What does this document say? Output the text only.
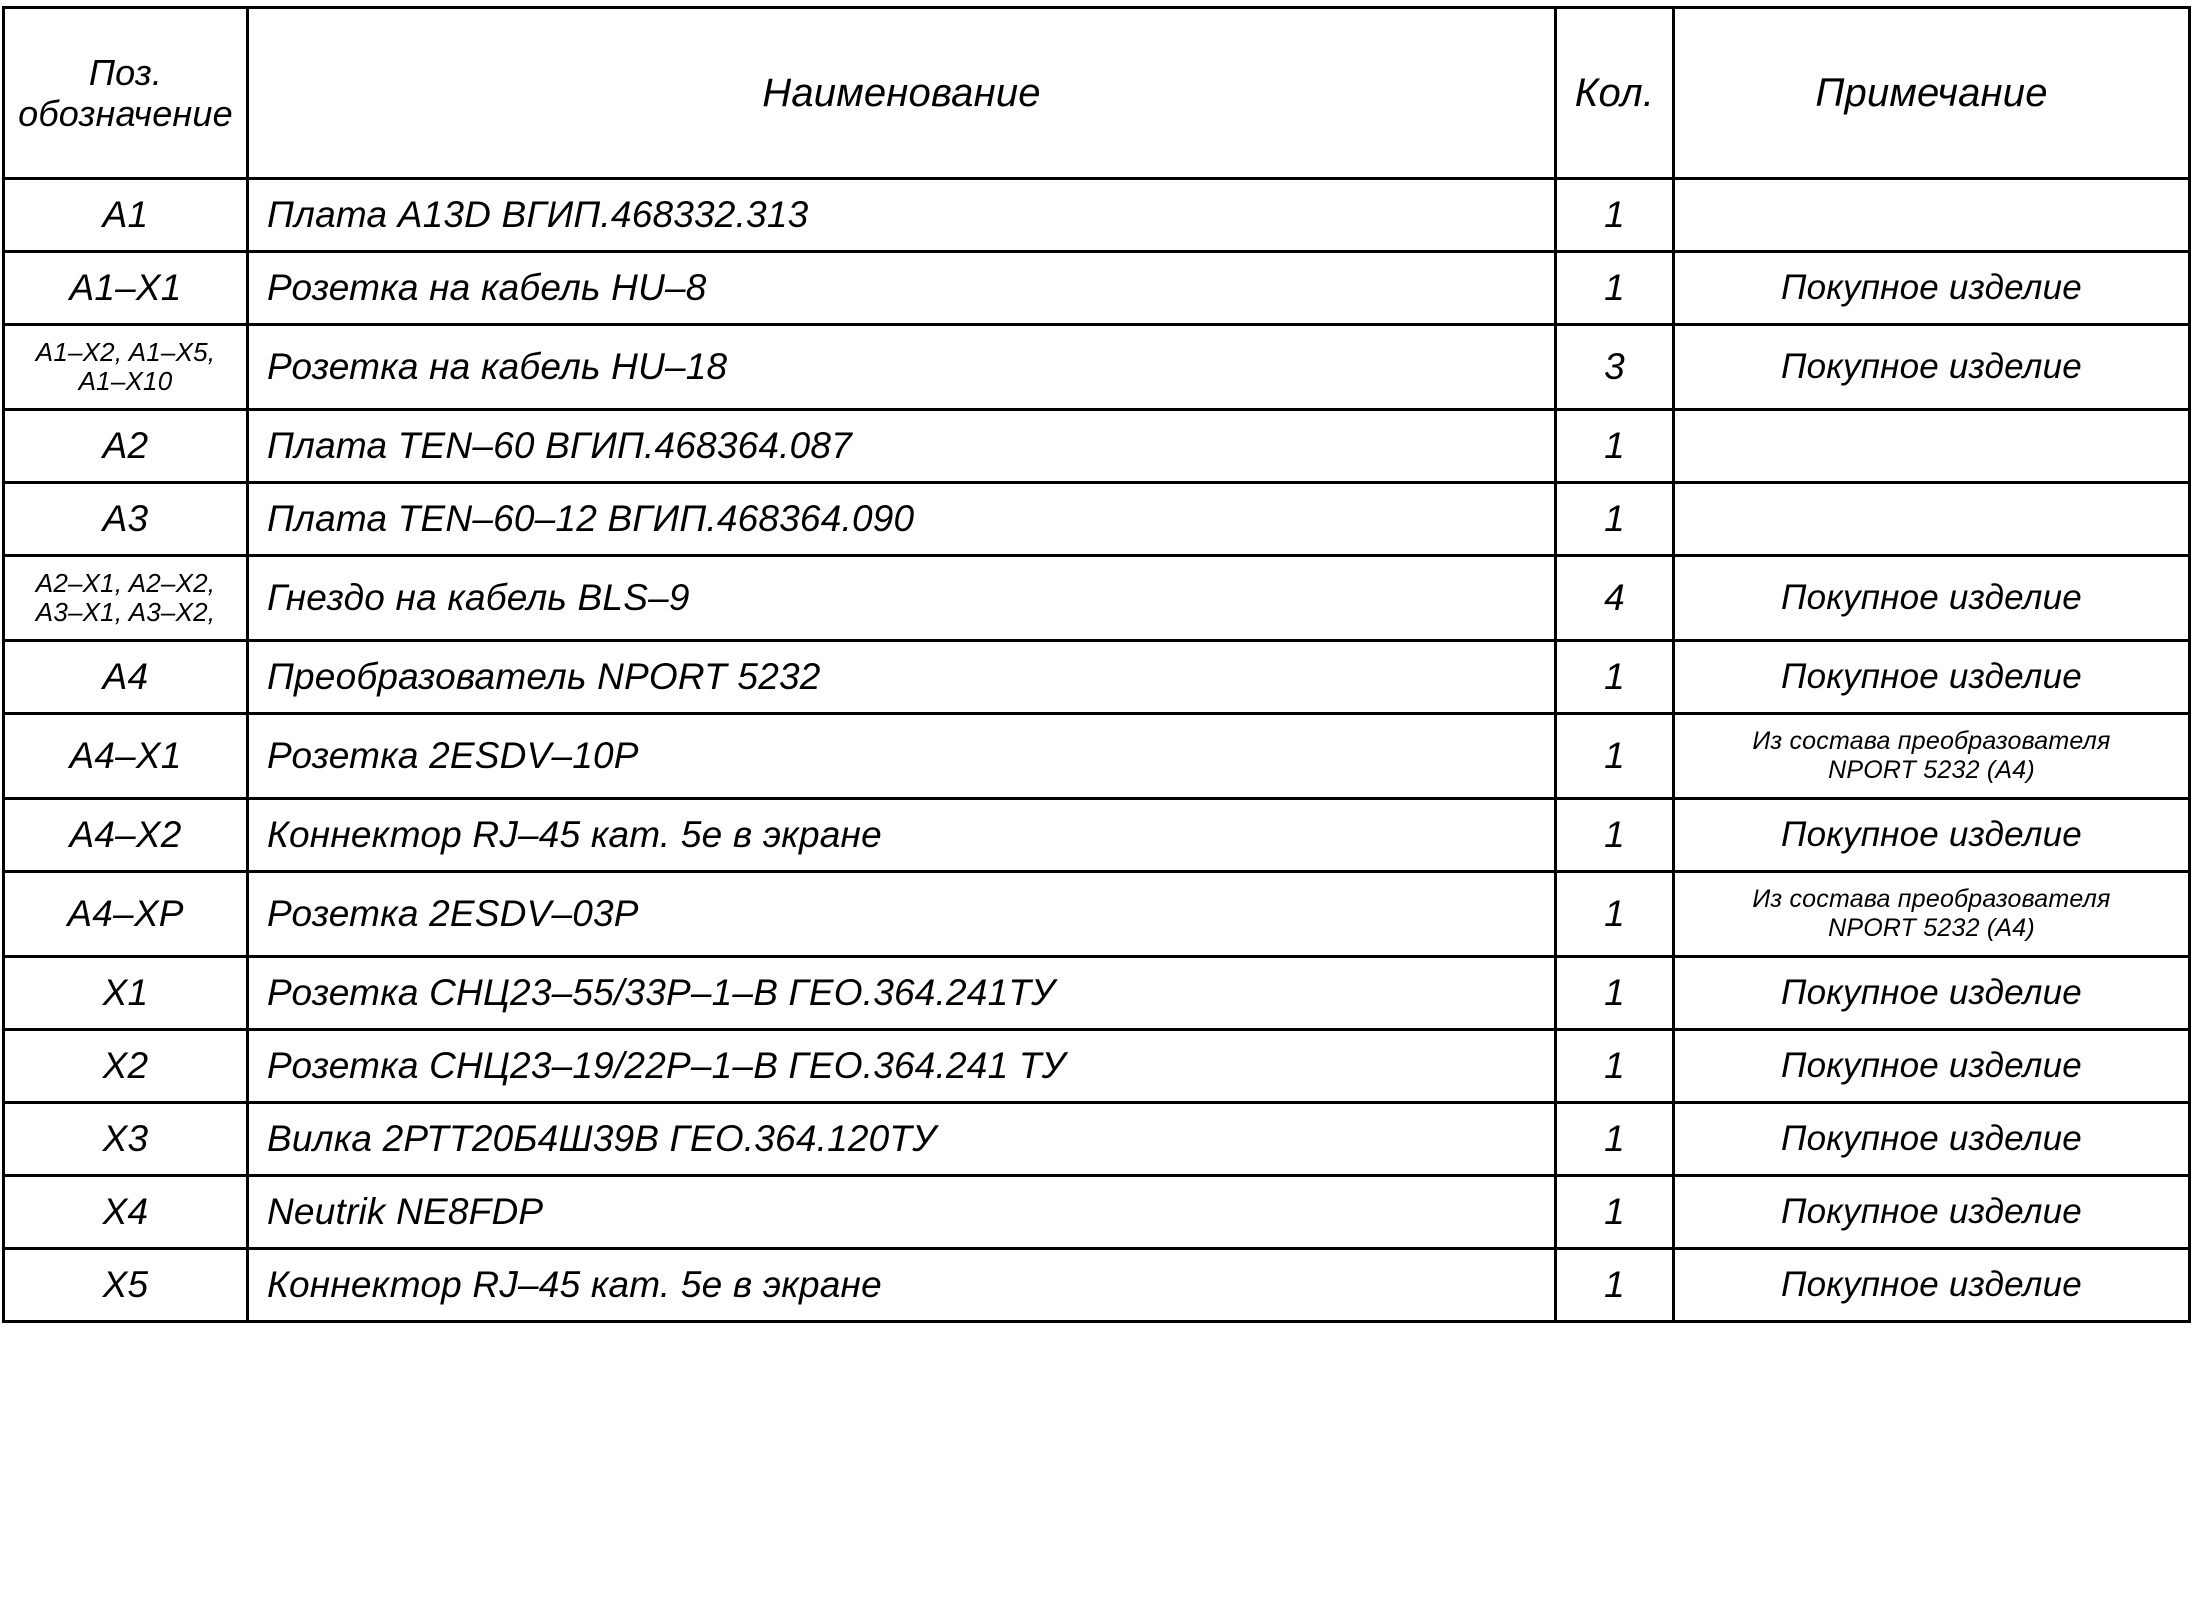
Поз.
обозначение	Наименование	Кол.	Примечание
A1	Плата A13D ВГИП.468332.313	1	
A1–X1	Розетка на кабель HU–8	1	Покупное изделие

A1–X2, A1–X5,
A1–X10	Розетка на кабель HU–18	3	Покупное изделие
A2	Плата TEN–60 ВГИП.468364.087	1	
A3	Плата TEN–60–12 ВГИП.468364.090	1	

A2–X1, A2–X2,
A3–X1, A3–X2,	Гнездо на кабель BLS–9	4	Покупное изделие
A4	Преобразователь NPORT 5232	1	Покупное изделие
A4–X1	Розетка 2ESDV–10P	1	Из состава преобразователя
NPORT 5232 (A4)

A4–X2	Коннектор RJ–45 кат. 5е в экране	1	Покупное изделие
A4–XP	Розетка 2ESDV–03P	1	Из состава преобразователя
NPORT 5232 (A4)

X1	Розетка СНЦ23–55/33Р–1–В ГЕО.364.241ТУ	1	Покупное изделие
X2	Розетка СНЦ23–19/22Р–1–В ГЕО.364.241 ТУ	1	Покупное изделие
X3	Вилка 2РТТ20Б4Ш39В ГЕО.364.120ТУ	1	Покупное изделие
X4	Neutrik NE8FDP	1	Покупное изделие
X5	Коннектор RJ–45 кат. 5е в экране	1	Покупное изделие
